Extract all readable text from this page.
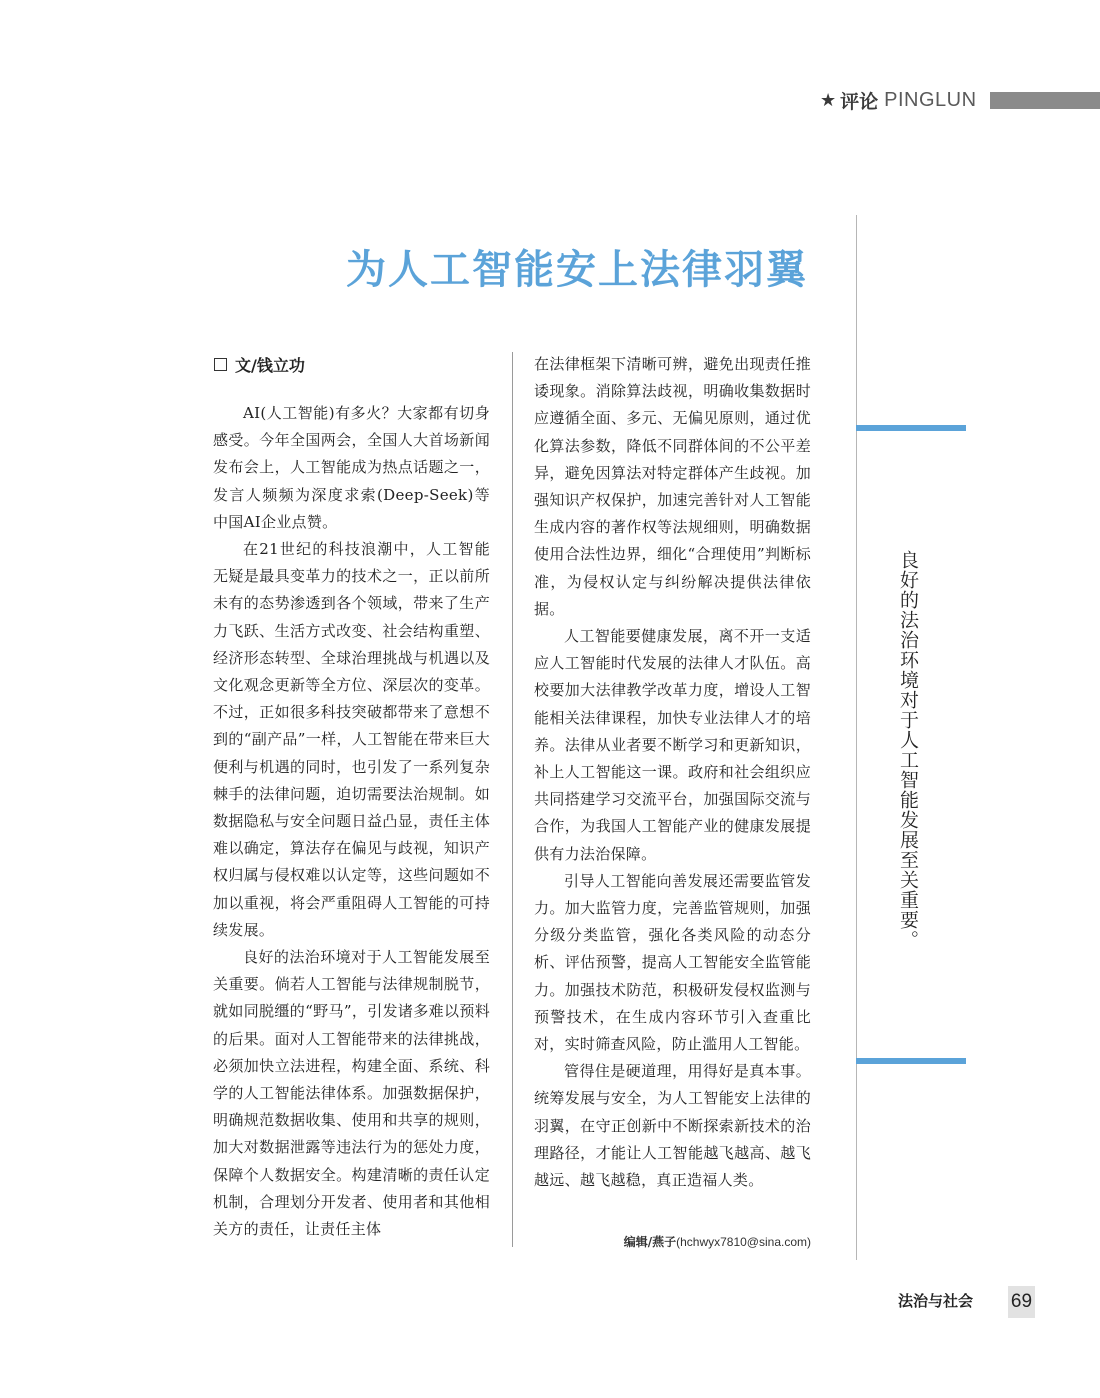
★ 评论 PINGLUN
为人工智能安上法律羽翼
文/钱立功

AI(人工智能)有多火？大家都有切身感受。今年全国两会，全国人大首场新闻发布会上，人工智能成为热点话题之一，发言人频频为深度求索(Deep-Seek)等中国AI企业点赞。

在21世纪的科技浪潮中，人工智能无疑是最具变革力的技术之一，正以前所未有的态势渗透到各个领域，带来了生产力飞跃、生活方式改变、社会结构重塑、经济形态转型、全球治理挑战与机遇以及文化观念更新等全方位、深层次的变革。不过，正如很多科技突破都带来了意想不到的“副产品”一样，人工智能在带来巨大便利与机遇的同时，也引发了一系列复杂棘手的法律问题，迫切需要法治规制。如数据隐私与安全问题日益凸显，责任主体难以确定，算法存在偏见与歧视，知识产权归属与侵权难以认定等，这些问题如不加以重视，将会严重阻碍人工智能的可持续发展。

良好的法治环境对于人工智能发展至关重要。倘若人工智能与法律规制脱节，就如同脱缰的“野马”，引发诸多难以预料的后果。面对人工智能带来的法律挑战，必须加快立法进程，构建全面、系统、科学的人工智能法律体系。加强数据保护，明确规范数据收集、使用和共享的规则，加大对数据泄露等违法行为的惩处力度，保障个人数据安全。构建清晰的责任认定机制，合理划分开发者、使用者和其他相关方的责任，让责任主体

在法律框架下清晰可辨，避免出现责任推诿现象。消除算法歧视，明确收集数据时应遵循全面、多元、无偏见原则，通过优化算法参数，降低不同群体间的不公平差异，避免因算法对特定群体产生歧视。加强知识产权保护，加速完善针对人工智能生成内容的著作权等法规细则，明确数据使用合法性边界，细化“合理使用”判断标准，为侵权认定与纠纷解决提供法律依据。

人工智能要健康发展，离不开一支适应人工智能时代发展的法律人才队伍。高校要加大法律教学改革力度，增设人工智能相关法律课程，加快专业法律人才的培养。法律从业者要不断学习和更新知识，补上人工智能这一课。政府和社会组织应共同搭建学习交流平台，加强国际交流与合作，为我国人工智能产业的健康发展提供有力法治保障。

引导人工智能向善发展还需要监管发力。加大监管力度，完善监管规则，加强分级分类监管，强化各类风险的动态分析、评估预警，提高人工智能安全监管能力。加强技术防范，积极研发侵权监测与预警技术，在生成内容环节引入查重比对，实时筛查风险，防止滥用人工智能。

管得住是硬道理，用得好是真本事。统筹发展与安全，为人工智能安上法律的羽翼，在守正创新中不断探索新技术的治理路径，才能让人工智能越飞越高、越飞越远、越飞越稳，真正造福人类。

编辑/燕子(hchwyx7810@sina.com)
良好的法治环境对于人工智能发展至关重要。
法治与社会 69
